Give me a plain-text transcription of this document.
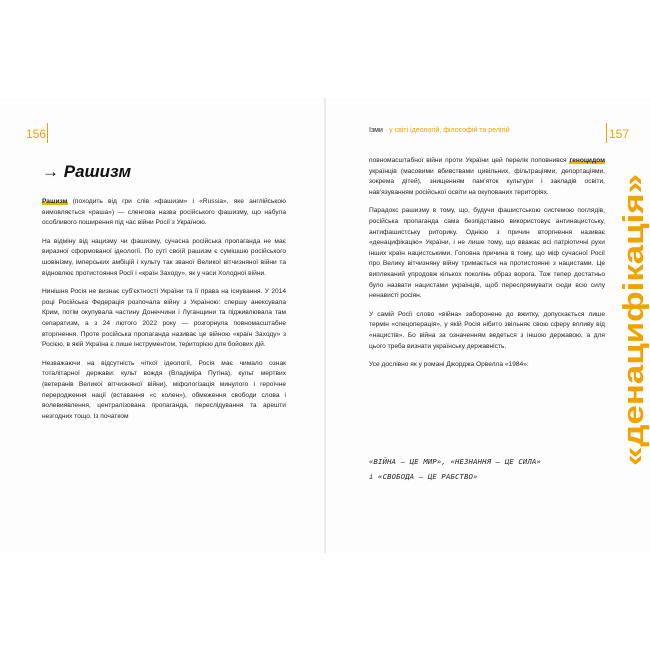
156
→ Рашизм

Рашизм (походить від гри слів «фашизм» і «Russia», яке англійською вимовляється «раша») — сленгова назва російського фашизму, що набула особливого поширення під час війни Росії з Україною.

На відміну від нацизму чи фашизму, сучасна російська пропаганда не має виразної сформованої ідеології. По суті своїй рашизм є сумішшю російського шовінізму, імперських амбіцій і культу так званої Великої вітчизняної війни та відновлює протистояння Росії і «країн Заходу», як у часи Холодної війни.

Нинішня Росія не визнає суб'єктності України та її права на існування. У 2014 році Російська Федерація розпочала війну з Україною: спершу анексувала Крим, потім окупувала частину Донеччини і Луганщини та підживлювала там сепаратизм, а з 24 лютого 2022 року — розгорнула повномасштабне вторгнення. Проте російська пропаганда називає це війною «країн Заходу» з Росією, в якій Україна є лише інструментом, територією для бойових дій.

Незважаючи на відсутність чіткої ідеології, Росія має чимало ознак тоталітарної держави: культ вождя (Владіміра Путіна), культ мертвих (ветеранів Великої вітчизняної війни), міфологізація минулого і героїчне переродження нації (вставання «с колен»), обмеження свободи слова і волевиявлення, централізована пропаганда, переслідування та арешти незгодних тощо. Із початком

Ізми · у світі ідеологій, філософій та релігій	157

повномасштабної війни проти України цей перелік поповнився геноцидом українців (масовими вбивствами цивільних, фільтраціями, депортаціями, зокрема дітей), знищенням пам'яток культури і закладів освіти, нав'язуванням російської освіти на окупованих територіях.

Парадокс рашизму в тому, що, будучи фашистською системою поглядів, російська пропаганда сама безпідставно використовує антинацистську, антифашистську риторику. Однією з причин вторгнення називає «денацифікацію» України, і не лише тому, що вважає всі патріотичні рухи інших країн нацистськими. Головна причина в тому, що міф сучасної Росії про Велику вітчизняну війну тримається на протистоянні з нацистами. Це виплеканий упродовж кількох поколінь образ ворога. Тож тепер достатньо було назвати нацистами українців, щоб переспрямувати сюди всю силу ненависті росіян.

У самій Росії слово «війна» заборонене до вжитку, допускається лише термін «спецоперація», у якій Росія нібито звільняє свою сферу впливу від «нацистів». Бо війна за означенням ведеться з іншою державою, а для цього треба визнати українську державність.

Усе дослівно як у романі Джорджа Орвелла «1984»:

«ВІЙНА — ЦЕ МИР», «НЕЗНАННЯ — ЦЕ СИЛА»
і «СВОБОДА — ЦЕ РАБСТВО»
«денацифікація»
